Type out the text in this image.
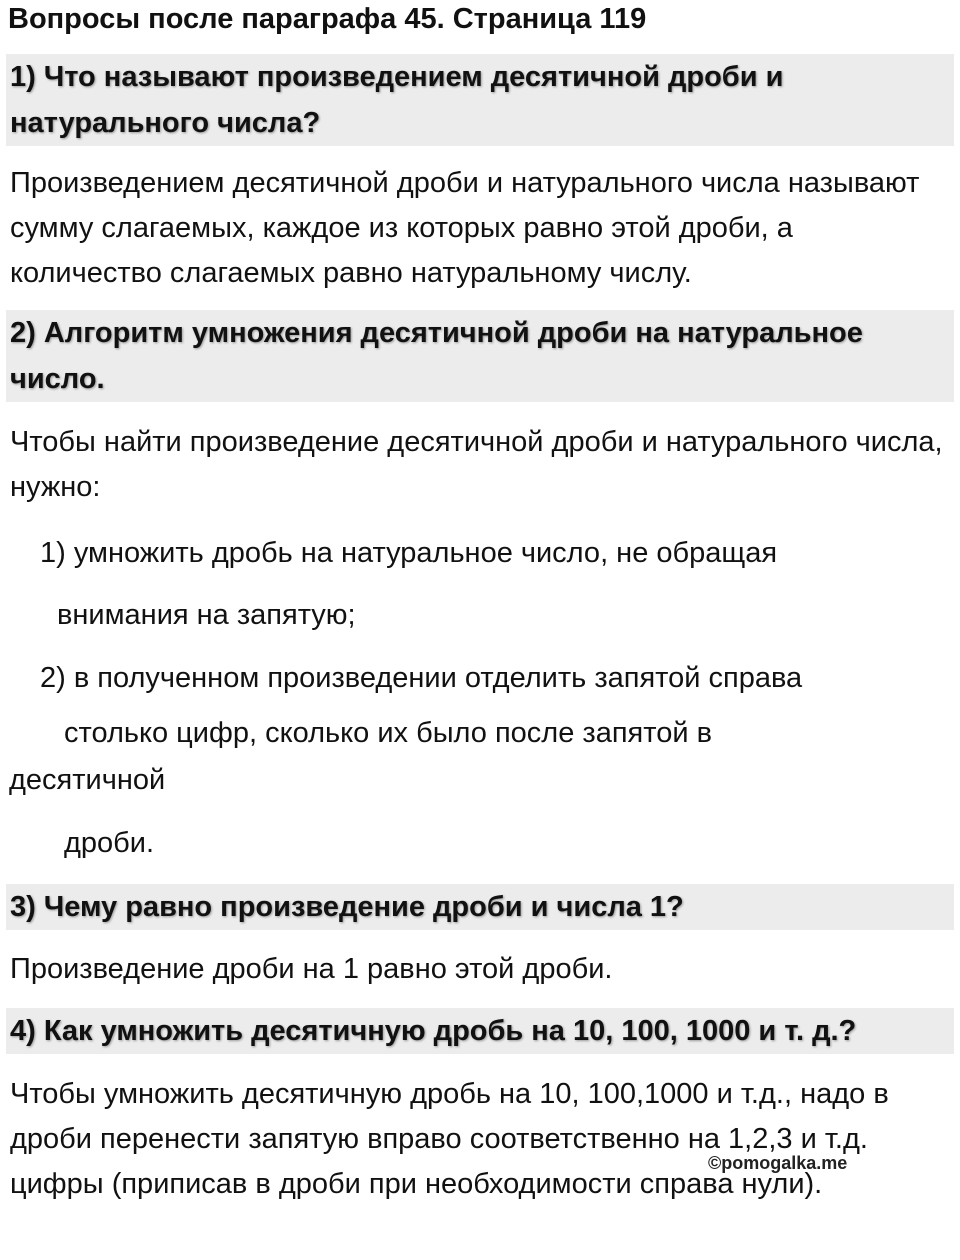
Вопросы после параграфа 45. Страница 119
1) Что называют произведением десятичной дроби и натурального числа?
Произведением десятичной дроби и натурального числа называют сумму слагаемых, каждое из которых равно этой дроби, а количество слагаемых равно натуральному числу.
2) Алгоритм умножения десятичной дроби на натуральное число.
Чтобы найти произведение десятичной дроби и натурального числа, нужно:
1) умножить дробь на натуральное число, не обращая
внимания на запятую;
2) в полученном произведении отделить запятой справа
столько цифр, сколько их было после запятой в
десятичной
дроби.
3) Чему равно произведение дроби и числа 1?
Произведение дроби на 1 равно этой дроби.
4) Как умножить десятичную дробь на 10, 100, 1000 и т. д.?
Чтобы умножить десятичную дробь на 10, 100,1000 и т.д., надо в дроби перенести запятую вправо соответственно на 1,2,3 и т.д. цифры (приписав в дроби при необходимости справа нули).
©pomogalka.me
